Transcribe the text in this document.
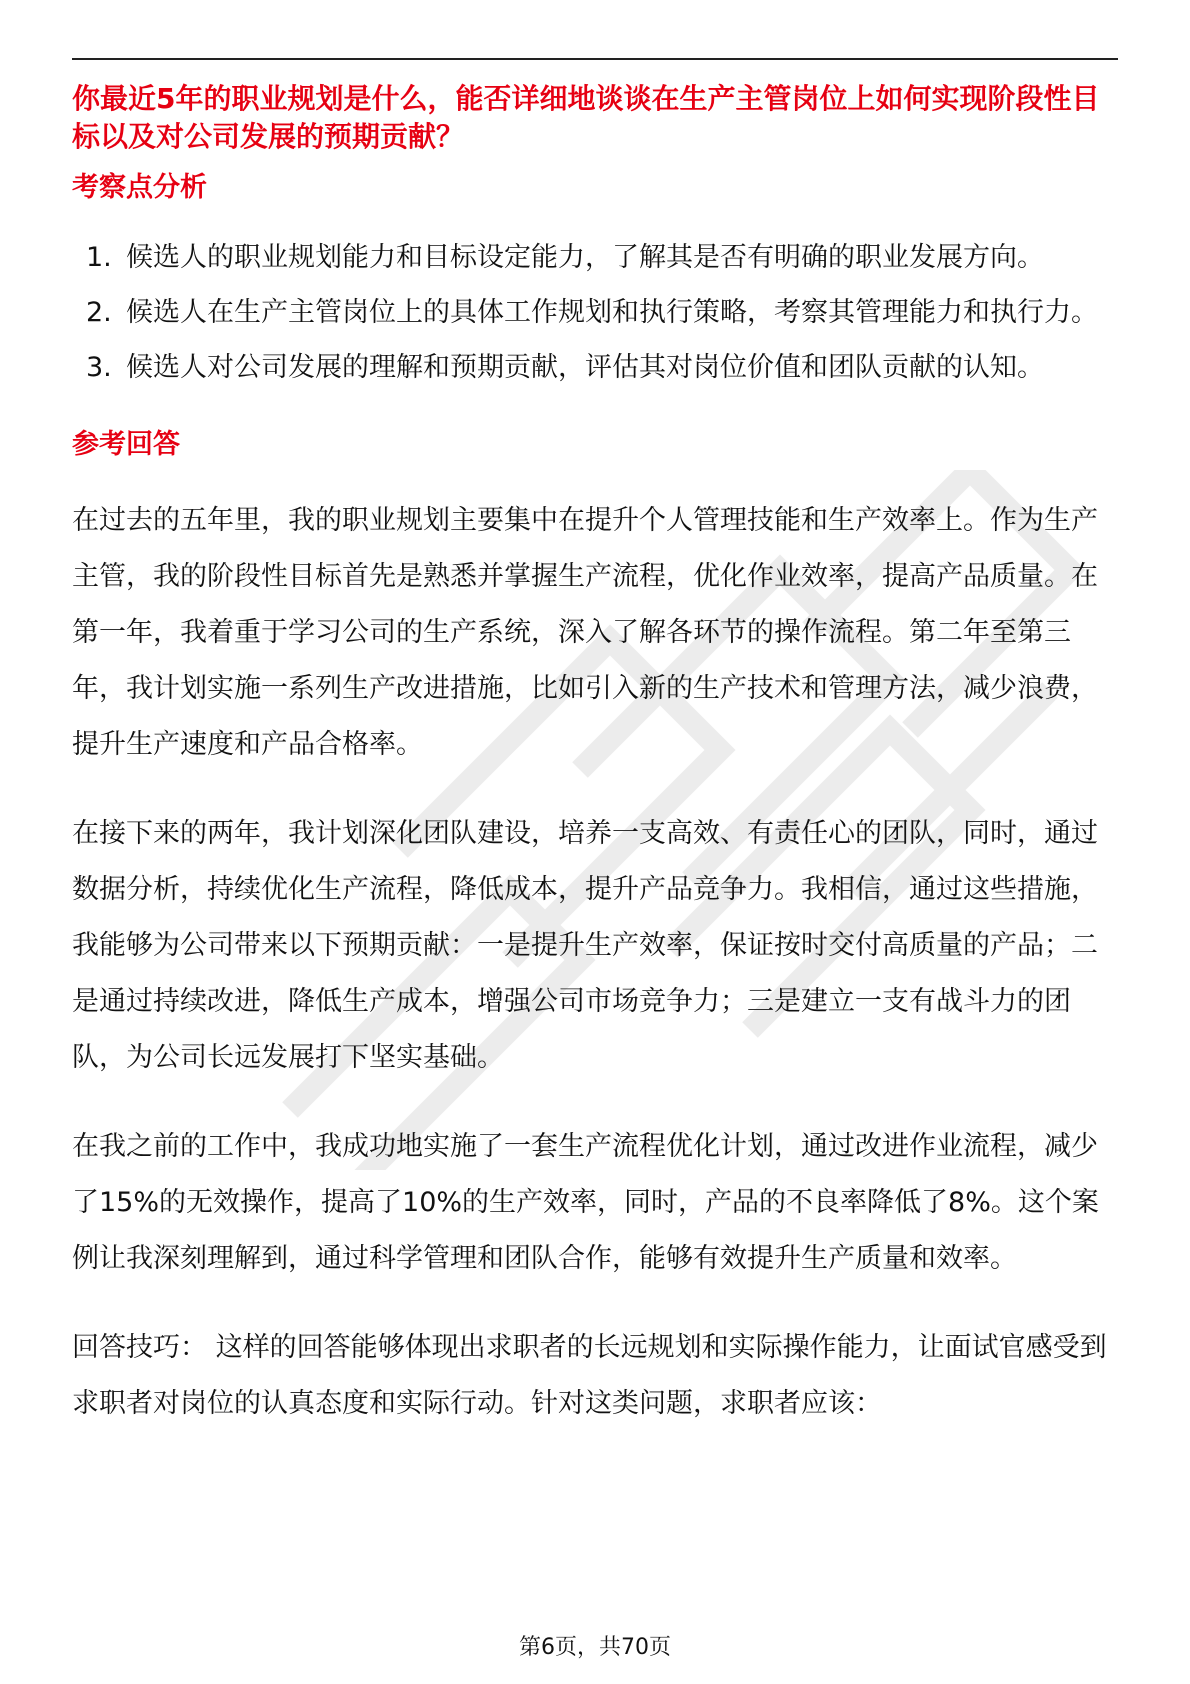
你最近5年的职业规划是什么，能否详细地谈谈在生产主管岗位上如何实现阶段性目标以及对公司发展的预期贡献？

考察点分析

1. 候选人的职业规划能力和目标设定能力，了解其是否有明确的职业发展方向。
2. 候选人在生产主管岗位上的具体工作规划和执行策略，考察其管理能力和执行力。
3. 候选人对公司发展的理解和预期贡献，评估其对岗位价值和团队贡献的认知。

参考回答

在过去的五年里，我的职业规划主要集中在提升个人管理技能和生产效率上。作为生产主管，我的阶段性目标首先是熟悉并掌握生产流程，优化作业效率，提高产品质量。在第一年，我着重于学习公司的生产系统，深入了解各环节的操作流程。第二年至第三年，我计划实施一系列生产改进措施，比如引入新的生产技术和管理方法，减少浪费，提升生产速度和产品合格率。

在接下来的两年，我计划深化团队建设，培养一支高效、有责任心的团队，同时，通过数据分析，持续优化生产流程，降低成本，提升产品竞争力。我相信，通过这些措施，我能够为公司带来以下预期贡献：一是提升生产效率，保证按时交付高质量的产品；二是通过持续改进，降低生产成本，增强公司市场竞争力；三是建立一支有战斗力的团队，为公司长远发展打下坚实基础。

在我之前的工作中，我成功地实施了一套生产流程优化计划，通过改进作业流程，减少了15%的无效操作，提高了10%的生产效率，同时，产品的不良率降低了8%。这个案例让我深刻理解到，通过科学管理和团队合作，能够有效提升生产质量和效率。

回答技巧： 这样的回答能够体现出求职者的长远规划和实际操作能力，让面试官感受到求职者对岗位的认真态度和实际行动。针对这类问题，求职者应该：

第6页，共70页
